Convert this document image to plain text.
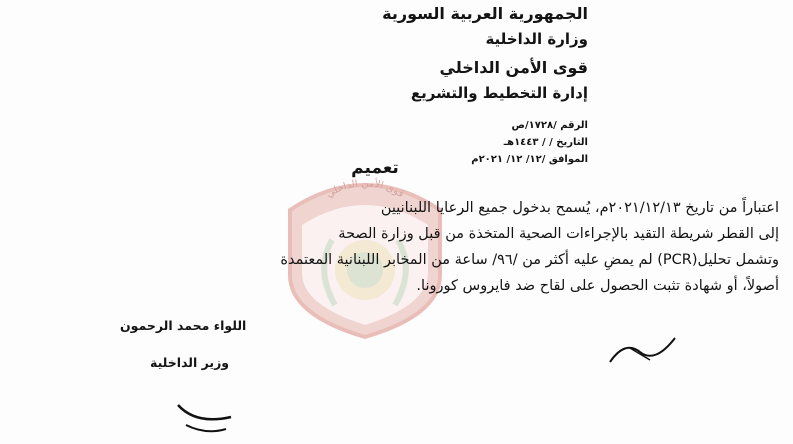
الجمهورية العربية السورية
وزارة الداخلية
قوى الأمن الداخلي
إدارة التخطيط والتشريع
الرقم /١٧٢٨/ص
التاريخ / / ١٤٤٣هـ
الموافق /١٢/ ١٢/ ٢٠٢١م
قوى الأمن الداخلي
تعميم
اعتباراً من تاريخ ٢٠٢١/١٢/١٣م، يُسمح بدخول جميع الرعايا اللبنانيين
إلى القطر شريطة التقيد بالإجراءات الصحية المتخذة من قبل وزارة الصحة
وتشمل تحليل(PCR) لم يمضِ عليه أكثر من /٩٦/ ساعة من المخابر اللبنانية المعتمدة
أصولاً، أو شهادة تثبت الحصول على لقاح ضد فايروس كورونا.
اللواء محمد الرحمون
وزير الداخلية
